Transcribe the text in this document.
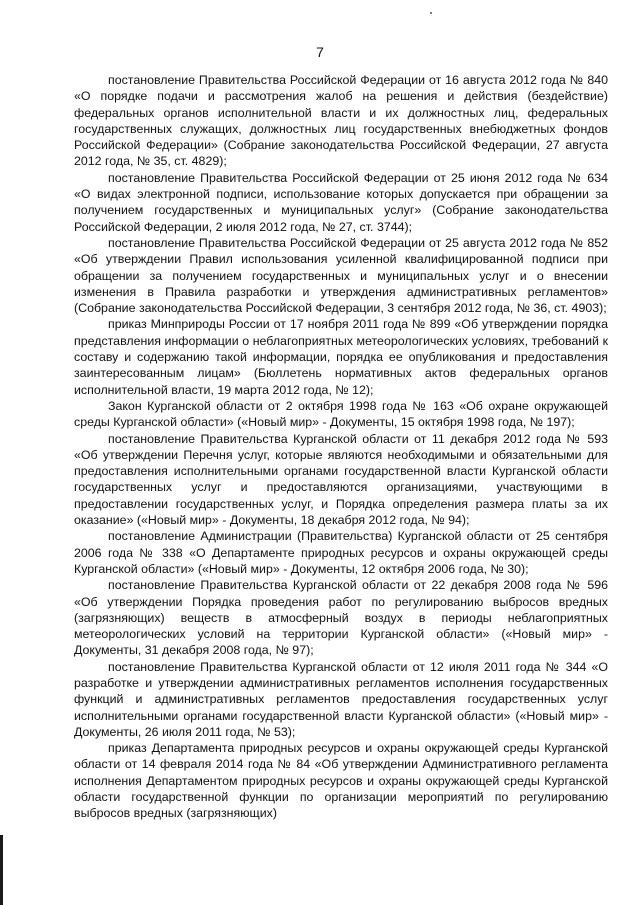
7

постановление Правительства Российской Федерации от 16 августа 2012 года № 840 «О порядке подачи и рассмотрения жалоб на решения и действия (бездействие) федеральных органов исполнительной власти и их должностных лиц, федеральных государственных служащих, должностных лиц государственных внебюджетных фондов Российской Федерации» (Собрание законодательства Российской Федерации, 27 августа 2012 года, № 35, ст. 4829);

постановление Правительства Российской Федерации от 25 июня 2012 года № 634 «О видах электронной подписи, использование которых допускается при обращении за получением государственных и муниципальных услуг» (Собрание законодательства Российской Федерации, 2 июля 2012 года, № 27, ст. 3744);

постановление Правительства Российской Федерации от 25 августа 2012 года № 852 «Об утверждении Правил использования усиленной квалифицированной подписи при обращении за получением государственных и муниципальных услуг и о внесении изменения в Правила разработки и утверждения административных регламентов» (Собрание законодательства Российской Федерации, 3 сентября 2012 года, № 36, ст. 4903);

приказ Минприроды России от 17 ноября 2011 года № 899 «Об утверждении порядка представления информации о неблагоприятных метеорологических условиях, требований к составу и содержанию такой информации, порядка ее опубликования и предоставления заинтересованным лицам» (Бюллетень нормативных актов федеральных органов исполнительной власти, 19 марта 2012 года, № 12);

Закон Курганской области от 2 октября 1998 года № 163 «Об охране окружающей среды Курганской области» («Новый мир» - Документы, 15 октября 1998 года, № 197);

постановление Правительства Курганской области от 11 декабря 2012 года № 593 «Об утверждении Перечня услуг, которые являются необходимыми и обязательными для предоставления исполнительными органами государственной власти Курганской области государственных услуг и предоставляются организациями, участвующими в предоставлении государственных услуг, и Порядка определения размера платы за их оказание» («Новый мир» - Документы, 18 декабря 2012 года, № 94);

постановление Администрации (Правительства) Курганской области от 25 сентября 2006 года № 338 «О Департаменте природных ресурсов и охраны окружающей среды Курганской области» («Новый мир» - Документы, 12 октября 2006 года, № 30);

постановление Правительства Курганской области от 22 декабря 2008 года № 596 «Об утверждении Порядка проведения работ по регулированию выбросов вредных (загрязняющих) веществ в атмосферный воздух в периоды неблагоприятных метеорологических условий на территории Курганской области» («Новый мир» - Документы, 31 декабря 2008 года, № 97);

постановление Правительства Курганской области от 12 июля 2011 года № 344 «О разработке и утверждении административных регламентов исполнения государственных функций и административных регламентов предоставления государственных услуг исполнительными органами государственной власти Курганской области» («Новый мир» - Документы, 26 июля 2011 года, № 53);

приказ Департамента природных ресурсов и охраны окружающей среды Курганской области от 14 февраля 2014 года № 84 «Об утверждении Административного регламента исполнения Департаментом природных ресурсов и охраны окружающей среды Курганской области государственной функции по организации мероприятий по регулированию выбросов вредных (загрязняющих)
